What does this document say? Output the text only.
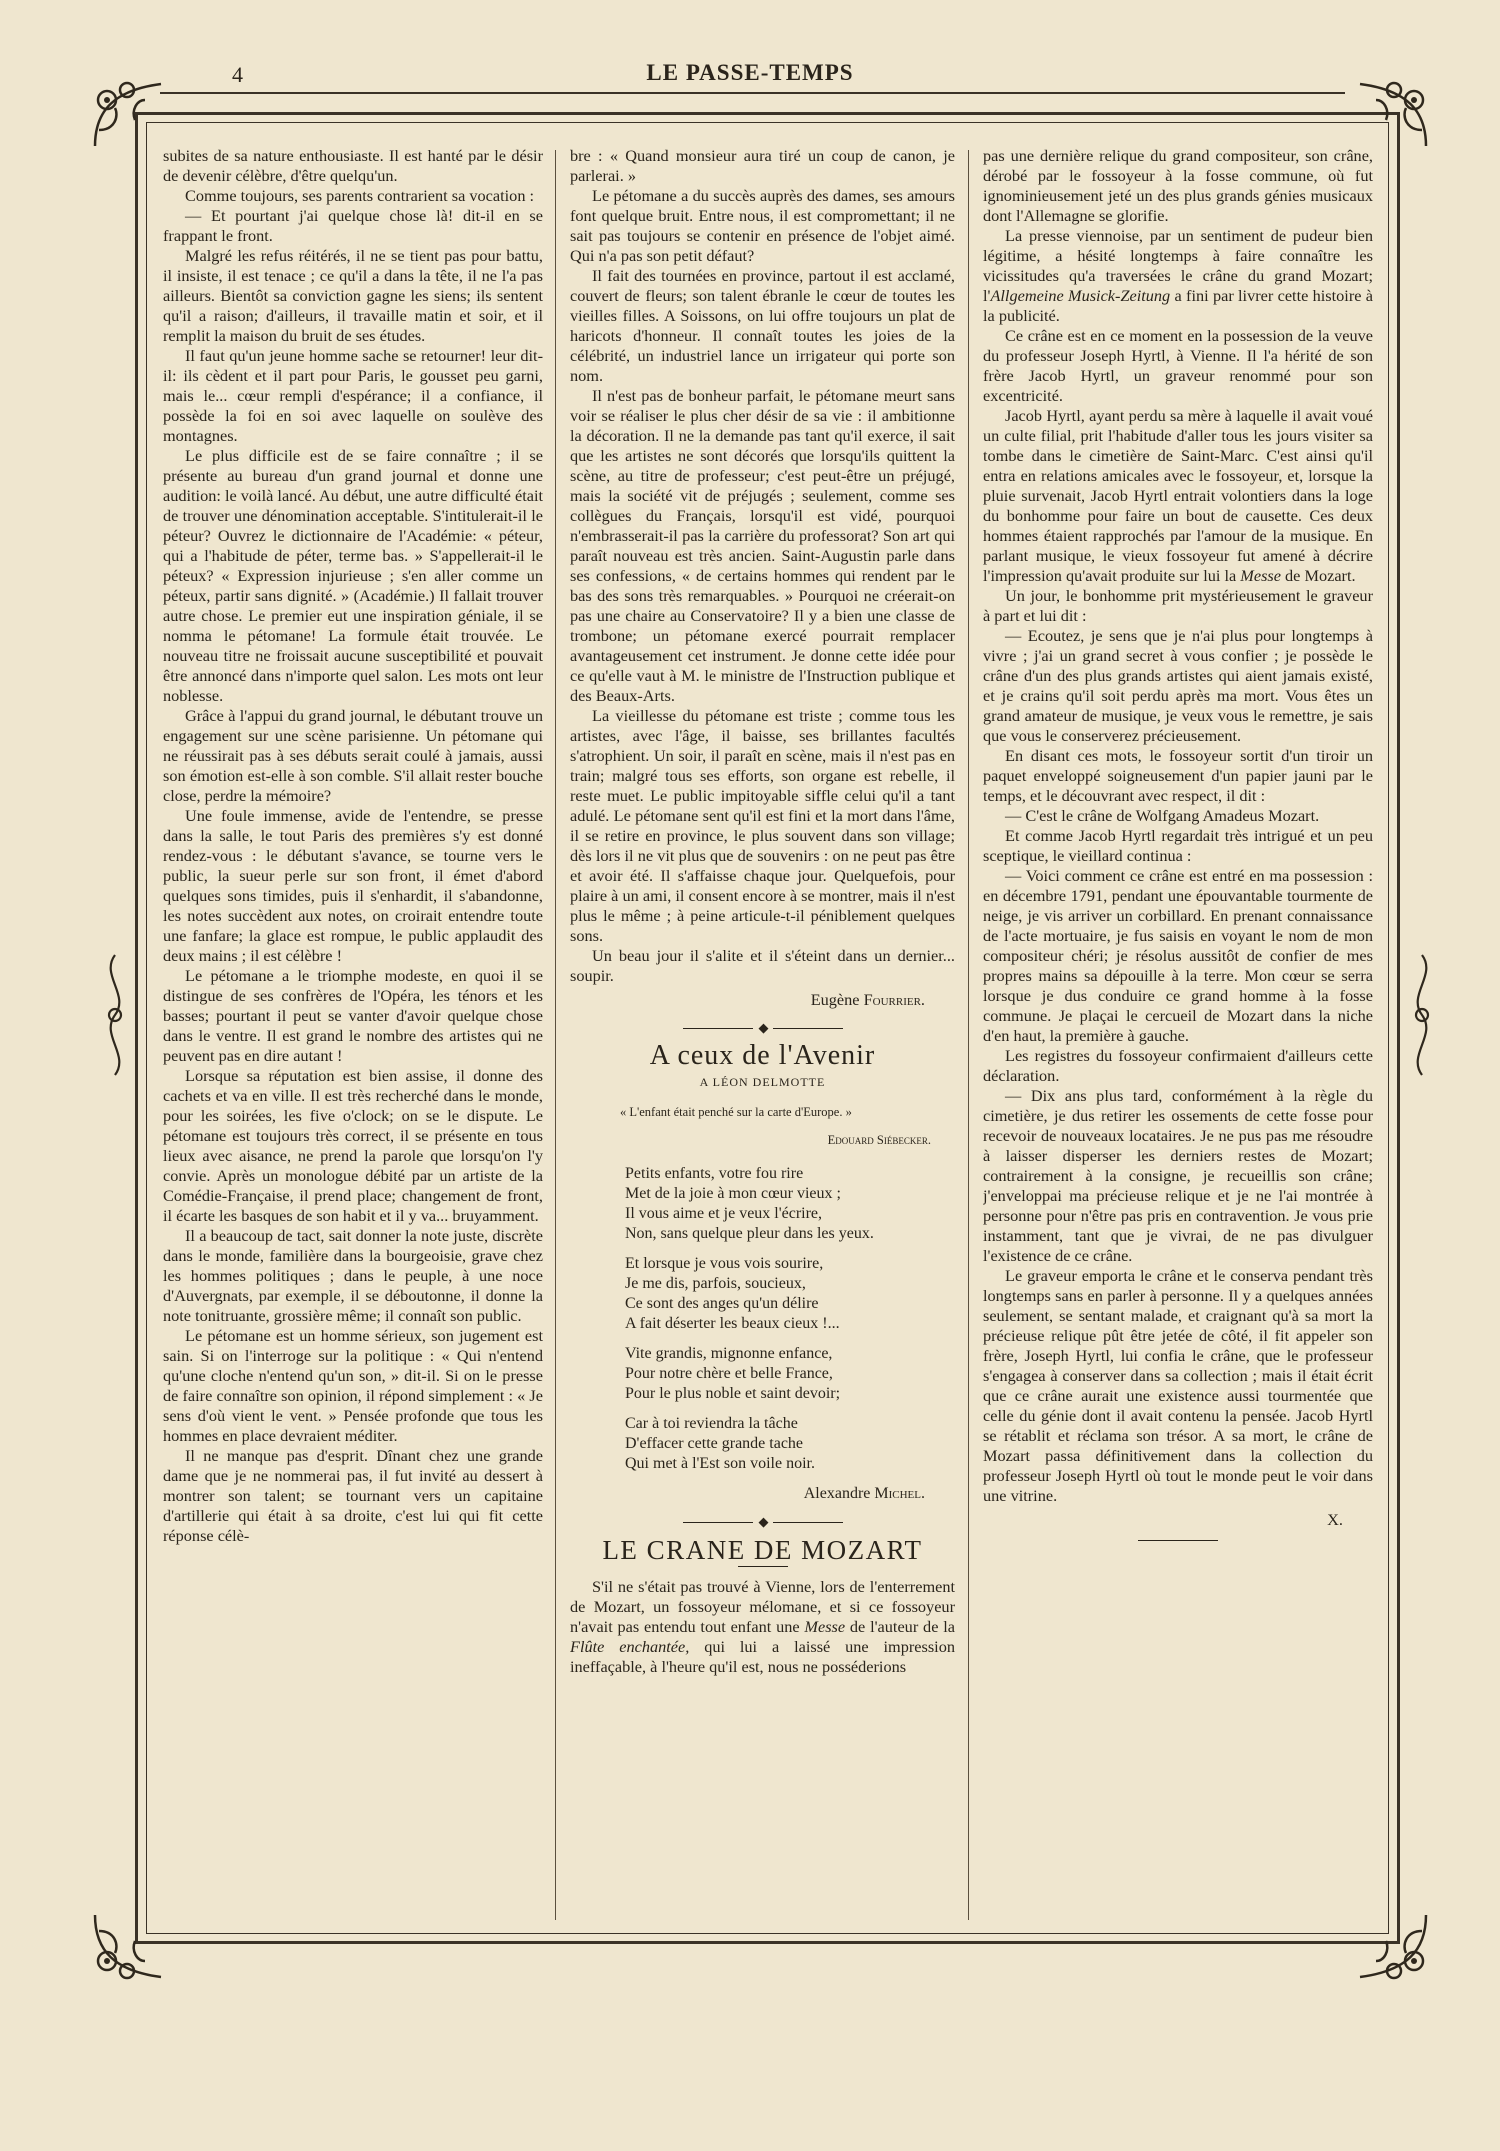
4	LE PASSE-TEMPS

subites de sa nature enthousiaste. Il est hanté par le désir de devenir célèbre, d'être quelqu'un.

Comme toujours, ses parents contrarient sa vocation :

— Et pourtant j'ai quelque chose là! dit-il en se frappant le front.

Malgré les refus réitérés, il ne se tient pas pour battu, il insiste, il est tenace ; ce qu'il a dans la tête, il ne l'a pas ailleurs. Bientôt sa conviction gagne les siens; ils sentent qu'il a raison; d'ailleurs, il travaille matin et soir, et il remplit la maison du bruit de ses études.

Il faut qu'un jeune homme sache se retourner! leur dit-il: ils cèdent et il part pour Paris, le gousset peu garni, mais le... cœur rempli d'espérance; il a confiance, il possède la foi en soi avec laquelle on soulève des montagnes.

Le plus difficile est de se faire connaître ; il se présente au bureau d'un grand journal et donne une audition: le voilà lancé. Au début, une autre difficulté était de trouver une dénomination acceptable. S'intitulerait-il le péteur? Ouvrez le dictionnaire de l'Académie: « péteur, qui a l'habitude de péter, terme bas. » S'appellerait-il le péteux? « Expression injurieuse ; s'en aller comme un péteux, partir sans dignité. » (Académie.) Il fallait trouver autre chose. Le premier eut une inspiration géniale, il se nomma le pétomane! La formule était trouvée. Le nouveau titre ne froissait aucune susceptibilité et pouvait être annoncé dans n'importe quel salon. Les mots ont leur noblesse.

Grâce à l'appui du grand journal, le débutant trouve un engagement sur une scène parisienne. Un pétomane qui ne réussirait pas à ses débuts serait coulé à jamais, aussi son émotion est-elle à son comble. S'il allait rester bouche close, perdre la mémoire?

Une foule immense, avide de l'entendre, se presse dans la salle, le tout Paris des premières s'y est donné rendez-vous : le débutant s'avance, se tourne vers le public, la sueur perle sur son front, il émet d'abord quelques sons timides, puis il s'enhardit, il s'abandonne, les notes succèdent aux notes, on croirait entendre toute une fanfare; la glace est rompue, le public applaudit des deux mains ; il est célèbre !

Le pétomane a le triomphe modeste, en quoi il se distingue de ses confrères de l'Opéra, les ténors et les basses; pourtant il peut se vanter d'avoir quelque chose dans le ventre. Il est grand le nombre des artistes qui ne peuvent pas en dire autant !

Lorsque sa réputation est bien assise, il donne des cachets et va en ville. Il est très recherché dans le monde, pour les soirées, les five o'clock; on se le dispute. Le pétomane est toujours très correct, il se présente en tous lieux avec aisance, ne prend la parole que lorsqu'on l'y convie. Après un monologue débité par un artiste de la Comédie-Française, il prend place; changement de front, il écarte les basques de son habit et il y va... bruyamment.

Il a beaucoup de tact, sait donner la note juste, discrète dans le monde, familière dans la bourgeoisie, grave chez les hommes politiques ; dans le peuple, à une noce d'Auvergnats, par exemple, il se déboutonne, il donne la note tonitruante, grossière même; il connaît son public.

Le pétomane est un homme sérieux, son jugement est sain. Si on l'interroge sur la politique : « Qui n'entend qu'une cloche n'entend qu'un son, » dit-il. Si on le presse de faire connaître son opinion, il répond simplement : « Je sens d'où vient le vent. » Pensée profonde que tous les hommes en place devraient méditer.

Il ne manque pas d'esprit. Dînant chez une grande dame que je ne nommerai pas, il fut invité au dessert à montrer son talent; se tournant vers un capitaine d'artillerie qui était à sa droite, c'est lui qui fit cette réponse célè-

bre : « Quand monsieur aura tiré un coup de canon, je parlerai. »

Le pétomane a du succès auprès des dames, ses amours font quelque bruit. Entre nous, il est compromettant; il ne sait pas toujours se contenir en présence de l'objet aimé. Qui n'a pas son petit défaut?

Il fait des tournées en province, partout il est acclamé, couvert de fleurs; son talent ébranle le cœur de toutes les vieilles filles. A Soissons, on lui offre toujours un plat de haricots d'honneur. Il connaît toutes les joies de la célébrité, un industriel lance un irrigateur qui porte son nom.

Il n'est pas de bonheur parfait, le pétomane meurt sans voir se réaliser le plus cher désir de sa vie : il ambitionne la décoration. Il ne la demande pas tant qu'il exerce, il sait que les artistes ne sont décorés que lorsqu'ils quittent la scène, au titre de professeur; c'est peut-être un préjugé, mais la société vit de préjugés ; seulement, comme ses collègues du Français, lorsqu'il est vidé, pourquoi n'embrasserait-il pas la carrière du professorat? Son art qui paraît nouveau est très ancien. Saint-Augustin parle dans ses confessions, « de certains hommes qui rendent par le bas des sons très remarquables. » Pourquoi ne créerait-on pas une chaire au Conservatoire? Il y a bien une classe de trombone; un pétomane exercé pourrait remplacer avantageusement cet instrument. Je donne cette idée pour ce qu'elle vaut à M. le ministre de l'Instruction publique et des Beaux-Arts.

La vieillesse du pétomane est triste ; comme tous les artistes, avec l'âge, il baisse, ses brillantes facultés s'atrophient. Un soir, il paraît en scène, mais il n'est pas en train; malgré tous ses efforts, son organe est rebelle, il reste muet. Le public impitoyable siffle celui qu'il a tant adulé. Le pétomane sent qu'il est fini et la mort dans l'âme, il se retire en province, le plus souvent dans son village; dès lors il ne vit plus que de souvenirs : on ne peut pas être et avoir été. Il s'affaisse chaque jour. Quelquefois, pour plaire à un ami, il consent encore à se montrer, mais il n'est plus le même ; à peine articule-t-il péniblement quelques sons.

Un beau jour il s'alite et il s'éteint dans un dernier... soupir.

Eugène Fourrier.

◆
A ceux de l'Avenir
A LÉON DELMOTTE
« L'enfant était penché sur la carte d'Europe. »
Edouard Siébecker.
Petits enfants, votre fou rire
Met de la joie à mon cœur vieux ;
Il vous aime et je veux l'écrire,
Non, sans quelque pleur dans les yeux.
Et lorsque je vous vois sourire,
Je me dis, parfois, soucieux,
Ce sont des anges qu'un délire
A fait déserter les beaux cieux !...
Vite grandis, mignonne enfance,
Pour notre chère et belle France,
Pour le plus noble et saint devoir;
Car à toi reviendra la tâche
D'effacer cette grande tache
Qui met à l'Est son voile noir.
Alexandre Michel.
◆
LE CRANE DE MOZART

S'il ne s'était pas trouvé à Vienne, lors de l'enterrement de Mozart, un fossoyeur mélomane, et si ce fossoyeur n'avait pas entendu tout enfant une Messe de l'auteur de la Flûte enchantée, qui lui a laissé une impression ineffaçable, à l'heure qu'il est, nous ne posséderions

pas une dernière relique du grand compositeur, son crâne, dérobé par le fossoyeur à la fosse commune, où fut ignominieusement jeté un des plus grands génies musicaux dont l'Allemagne se glorifie.

La presse viennoise, par un sentiment de pudeur bien légitime, a hésité longtemps à faire connaître les vicissitudes qu'a traversées le crâne du grand Mozart; l'Allgemeine Musick-Zeitung a fini par livrer cette histoire à la publicité.

Ce crâne est en ce moment en la possession de la veuve du professeur Joseph Hyrtl, à Vienne. Il l'a hérité de son frère Jacob Hyrtl, un graveur renommé pour son excentricité.

Jacob Hyrtl, ayant perdu sa mère à laquelle il avait voué un culte filial, prit l'habitude d'aller tous les jours visiter sa tombe dans le cimetière de Saint-Marc. C'est ainsi qu'il entra en relations amicales avec le fossoyeur, et, lorsque la pluie survenait, Jacob Hyrtl entrait volontiers dans la loge du bonhomme pour faire un bout de causette. Ces deux hommes étaient rapprochés par l'amour de la musique. En parlant musique, le vieux fossoyeur fut amené à décrire l'impression qu'avait produite sur lui la Messe de Mozart.

Un jour, le bonhomme prit mystérieusement le graveur à part et lui dit :

— Ecoutez, je sens que je n'ai plus pour longtemps à vivre ; j'ai un grand secret à vous confier ; je possède le crâne d'un des plus grands artistes qui aient jamais existé, et je crains qu'il soit perdu après ma mort. Vous êtes un grand amateur de musique, je veux vous le remettre, je sais que vous le conserverez précieusement.

En disant ces mots, le fossoyeur sortit d'un tiroir un paquet enveloppé soigneusement d'un papier jauni par le temps, et le découvrant avec respect, il dit :

— C'est le crâne de Wolfgang Amadeus Mozart.

Et comme Jacob Hyrtl regardait très intrigué et un peu sceptique, le vieillard continua :

— Voici comment ce crâne est entré en ma possession : en décembre 1791, pendant une épouvantable tourmente de neige, je vis arriver un corbillard. En prenant connaissance de l'acte mortuaire, je fus saisis en voyant le nom de mon compositeur chéri; je résolus aussitôt de confier de mes propres mains sa dépouille à la terre. Mon cœur se serra lorsque je dus conduire ce grand homme à la fosse commune. Je plaçai le cercueil de Mozart dans la niche d'en haut, la première à gauche.

Les registres du fossoyeur confirmaient d'ailleurs cette déclaration.

— Dix ans plus tard, conformément à la règle du cimetière, je dus retirer les ossements de cette fosse pour recevoir de nouveaux locataires. Je ne pus pas me résoudre à laisser disperser les derniers restes de Mozart; contrairement à la consigne, je recueillis son crâne; j'enveloppai ma précieuse relique et je ne l'ai montrée à personne pour n'être pas pris en contravention. Je vous prie instamment, tant que je vivrai, de ne pas divulguer l'existence de ce crâne.

Le graveur emporta le crâne et le conserva pendant très longtemps sans en parler à personne. Il y a quelques années seulement, se sentant malade, et craignant qu'à sa mort la précieuse relique pût être jetée de côté, il fit appeler son frère, Joseph Hyrtl, lui confia le crâne, que le professeur s'engagea à conserver dans sa collection ; mais il était écrit que ce crâne aurait une existence aussi tourmentée que celle du génie dont il avait contenu la pensée. Jacob Hyrtl se rétablit et réclama son trésor. A sa mort, le crâne de Mozart passa définitivement dans la collection du professeur Joseph Hyrtl où tout le monde peut le voir dans une vitrine.

X.
